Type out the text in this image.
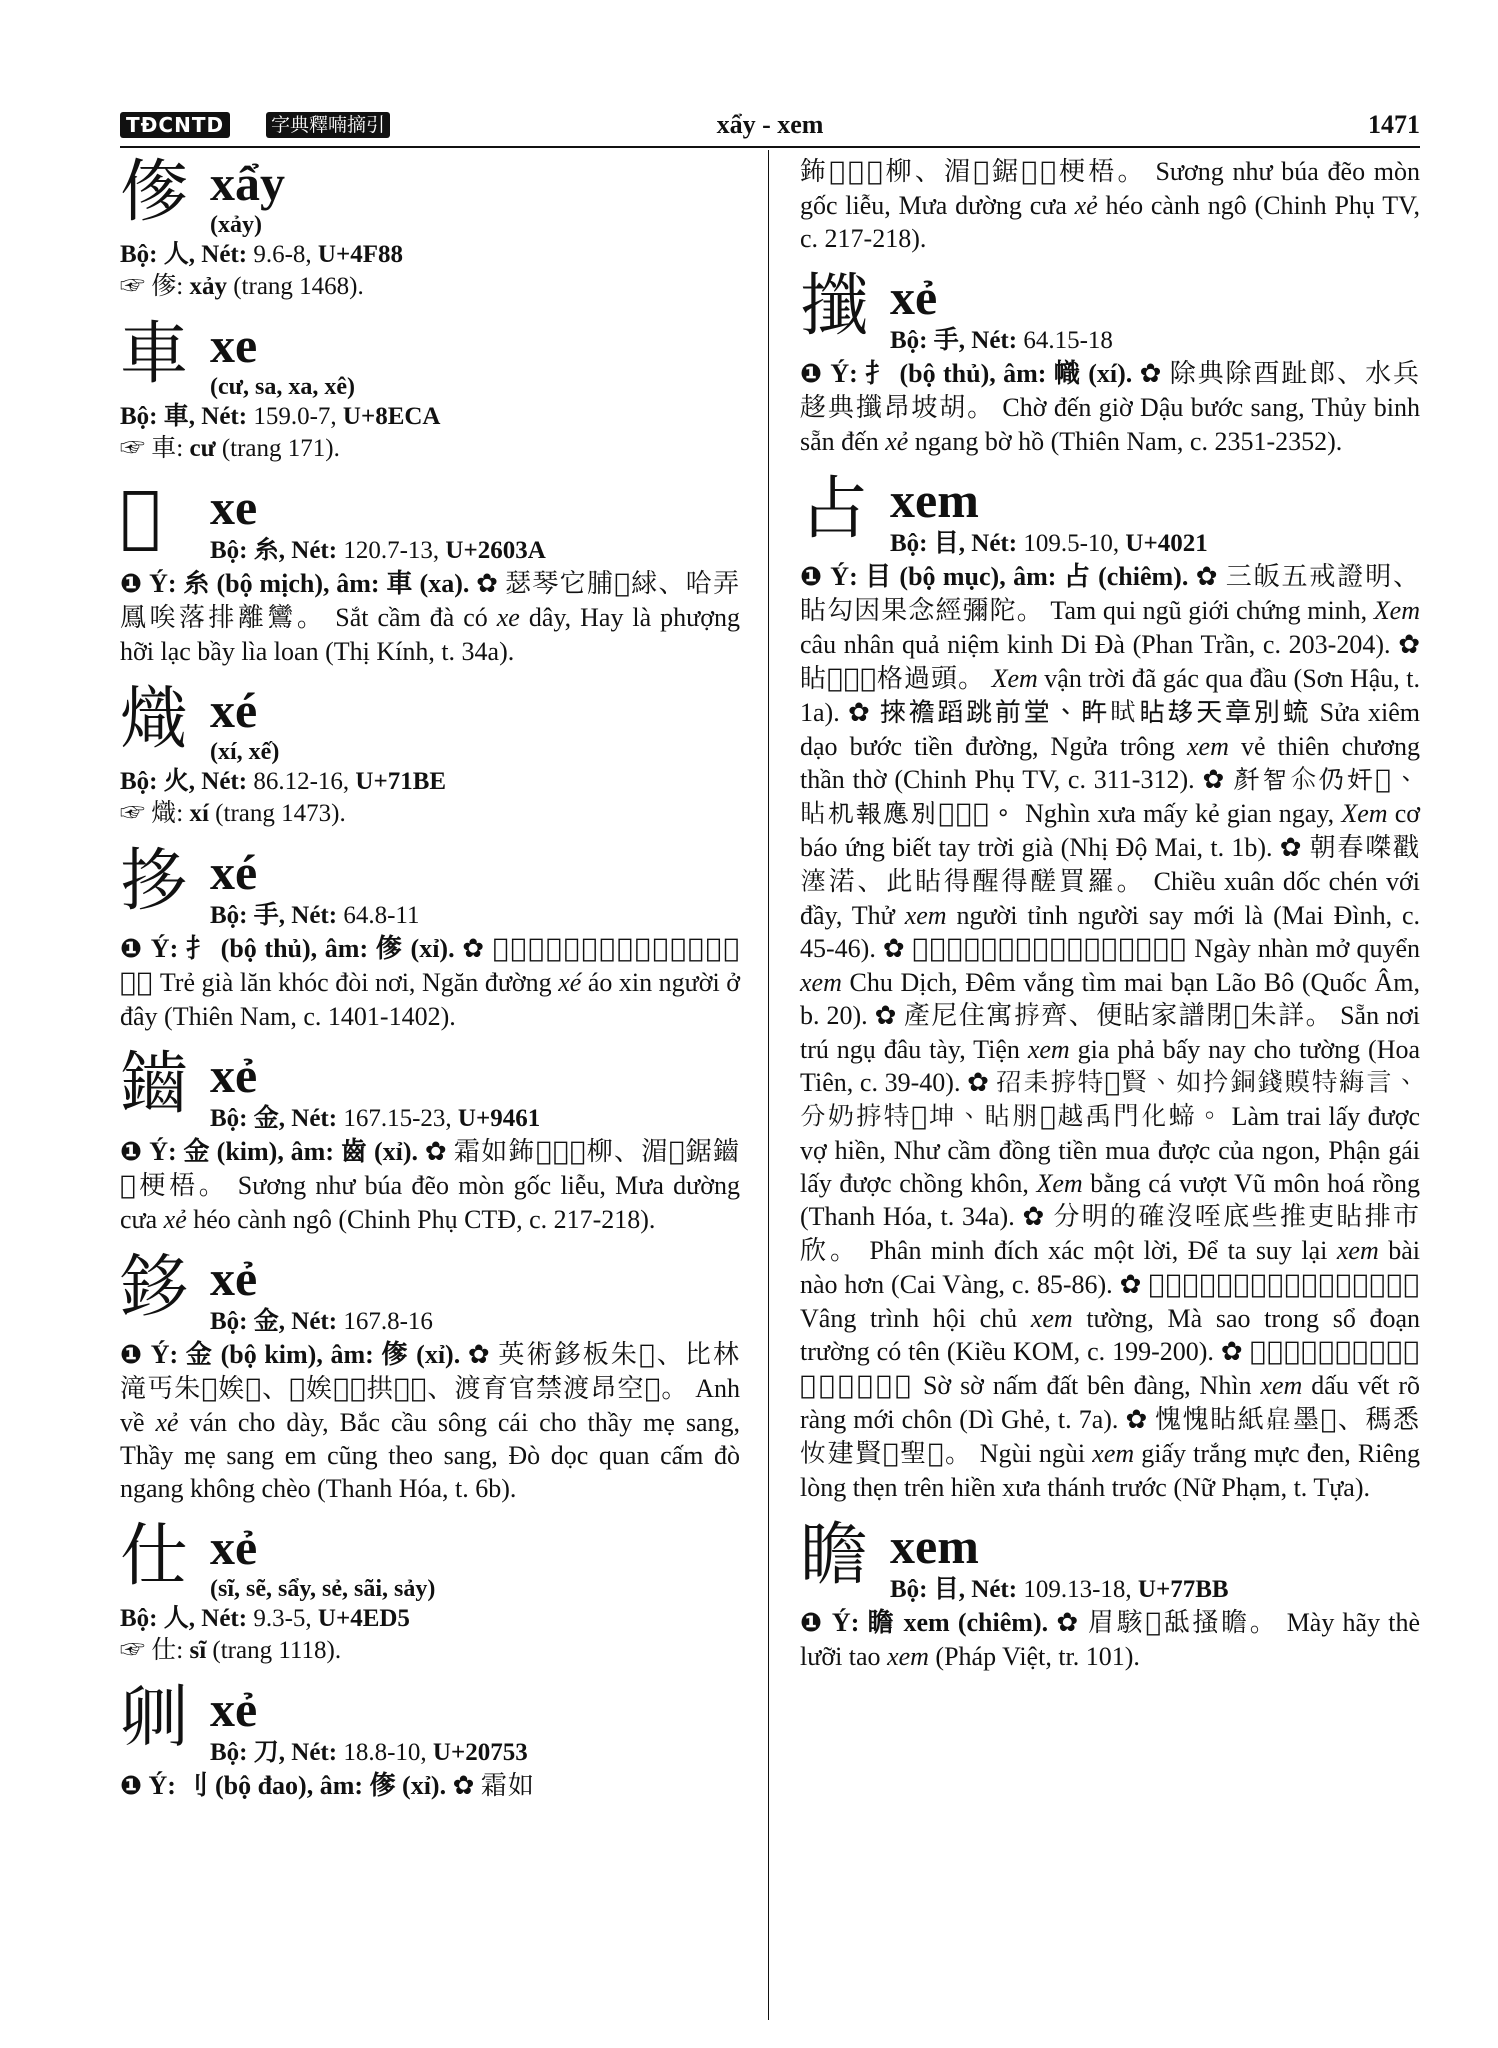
TĐCNTD	字典釋喃摘引	xẩy - xem	1471
偧 xẩy
(xảy)
Bộ: 人, Nét: 9.6-8, U+4F88
☞ 偧: xảy (trang 1468).
車 xe
(cư, sa, xa, xê)
Bộ: 車, Nét: 159.0-7, U+8ECA
☞ 車: cư (trang 171).
𦀺 xe
Bộ: 糸, Nét: 120.7-13, U+2603A
❶ Ý: 糸 (bộ mịch), âm: 車 (xa). ✿ 瑟琴它脯𦀺絿、哈弄鳳唉落排離鸞。 Sắt cầm đà có xe dây, Hay là phượng hỡi lạc bầy lìa loan (Thị Kính, t. 34a).
熾 xé
(xí, xế)
Bộ: 火, Nét: 86.12-16, U+71BE
☞ 熾: xí (trang 1473).
拸 xé
Bộ: 手, Nét: 64.8-11
❶ Ý: 扌 (bộ thủ), âm: 偧 (xỉ). ✿ 𥘷𦁿鄰哭隊尼、垠塘拸襖嗔𠶆於低。 Trẻ già lăn khóc đòi nơi, Ngăn đường xé áo xin người ở đây (Thiên Nam, c. 1401-1402).
鑡 xẻ
Bộ: 金, Nét: 167.15-23, U+9461
❶ Ý: 金 (kim), âm: 齒 (xỉ). ✿ 霜如鈽𠢞𤴬𣑶柳、湄𦝄鋸鑡𤷍梗梧。 Sương như búa đẽo mòn gốc liễu, Mưa dường cưa xẻ héo cành ngô (Chinh Phụ CTĐ, c. 217-218).
鉹 xẻ
Bộ: 金, Nét: 167.8-16
❶ Ý: 金 (bộ kim), âm: 偧 (xỉ). ✿ 英術鉹板朱𦝄、比林滝丐朱𣘃娭𨖲、𣘃娭𨖲𡛔拱𨀈𨖲、渡育官禁渡昂空𢭗。 Anh về xẻ ván cho dày, Bắc cầu sông cái cho thầy mẹ sang, Thầy mẹ sang em cũng theo sang, Đò dọc quan cấm đò ngang không chèo (Thanh Hóa, t. 6b).
仕 xẻ
(sĩ, sẽ, sẩy, sẻ, sãi, sảy)
Bộ: 人, Nét: 9.3-5, U+4ED5
☞ 仕: sĩ (trang 1118).
𠛓 xẻ
Bộ: 刀, Nét: 18.8-10, U+20753
❶ Ý: 刂 (bộ đao), âm: 偧 (xỉ). ✿ 霜如
鈽𠢞𤴬𣑶柳、湄𦝄鋸𠛓𤷍梗梧。 Sương như búa đẽo mòn gốc liễu, Mưa dường cưa xẻ héo cành ngô (Chinh Phụ TV, c. 217-218).
攕 xẻ
Bộ: 手, Nét: 64.15-18
❶ Ý: 扌 (bộ thủ), âm: 幟 (xí). ✿ 除典除酉趾郎、水兵趍典攕昂坡胡。 Chờ đến giờ Dậu bước sang, Thủy binh sẵn đến xẻ ngang bờ hồ (Thiên Nam, c. 2351-2352).
占 xem
Bộ: 目, Nét: 109.5-10, U+4021
❶ Ý: 目 (bộ mục), âm: 占 (chiêm). ✿ 三皈五戒證明、䀡勾因果念經彌陀。 Tam qui ngũ giới chứng minh, Xem câu nhân quả niệm kinh Di Đà (Phan Trần, c. 203-204). ✿ 䀡𨕭𡗶𠀧格過頭。 Xem vận trời đã gác qua đầu (Sơn Hậu, t. 1a). ✿ 𢯦襜蹈跳前堂、𥄭𥅞䀡𠫾天章別䖻 Sửa xiêm dạo bước tiền đường, Ngửa trông xem vẻ thiên chương thần thờ (Chinh Phụ TV, c. 311-312). ✿ 𠦳智𠇍仍奸𣦍、䀡机報應別𢬣𡗶𦓅。 Nghìn xưa mấy kẻ gian ngay, Xem cơ báo ứng biết tay trời già (Nhị Độ Mai, t. 1b). ✿ 朝春𠹳戳𤀕渃、此䀡得醒得醝買羅。 Chiều xuân dốc chén với đầy, Thử xem người tỉnh người say mới là (Mai Đình, c. 45-46). ✿ 𣇞閑𢲫卷䀡周易、店永尋梅伴老逋。 Ngày nhàn mở quyển xem Chu Dịch, Đêm vắng tìm mai bạn Lão Bô (Quốc Âm, b. 20). ✿ 產尼住寓𢭸齊、便䀡家譜閉𣅶朱詳。 Sẵn nơi trú ngụ đâu tày, Tiện xem gia phả bấy nay cho tường (Hoa Tiên, c. 39-40). ✿ 𡥙耒𢭸特𡞕賢、如扲銅錢𧷸特䋦言、分奶𢭸特𡛔坤、䀡朋𠀧越禹門化𧍝。 Làm trai lấy được vợ hiền, Như cầm đồng tiền mua được của ngon, Phận gái lấy được chồng khôn, Xem bằng cá vượt Vũ môn hoá rồng (Thanh Hóa, t. 34a). ✿ 分明的確沒咥底些推吏䀡排市欣。 Phân minh đích xác một lời, Để ta suy lại xem bài nào hơn (Cai Vàng, c. 85-86). ✿ 𠯇呈會主䀡詳、麻牢納数斷腸固𠸜。 Vâng trình hội chủ xem tường, Mà sao trong sổ đoạn trường có tên (Kiều KOM, c. 199-200). ✿ 𢬗𢬗𡍢坦边唐、䁛䀡𨁪曰𤎔𤒘買𡌿。 Sờ sờ nấm đất bên đàng, Nhìn xem dấu vết rõ ràng mới chôn (Dì Ghẻ, t. 7a). ✿ 愧愧䀡紙𤽸墨𪓇、𥡗悉𢖵建賢𨉟聖𠜮。 Ngùi ngùi xem giấy trắng mực đen, Riêng lòng thẹn trên hiền xưa thánh trước (Nữ Phạm, t. Tựa).
瞻 xem
Bộ: 目, Nét: 109.13-18, U+77BB
❶ Ý: 瞻 xem (chiêm). ✿ 眉駭𠰷䑛搔瞻。 Mày hãy thè lưỡi tao xem (Pháp Việt, tr. 101).
